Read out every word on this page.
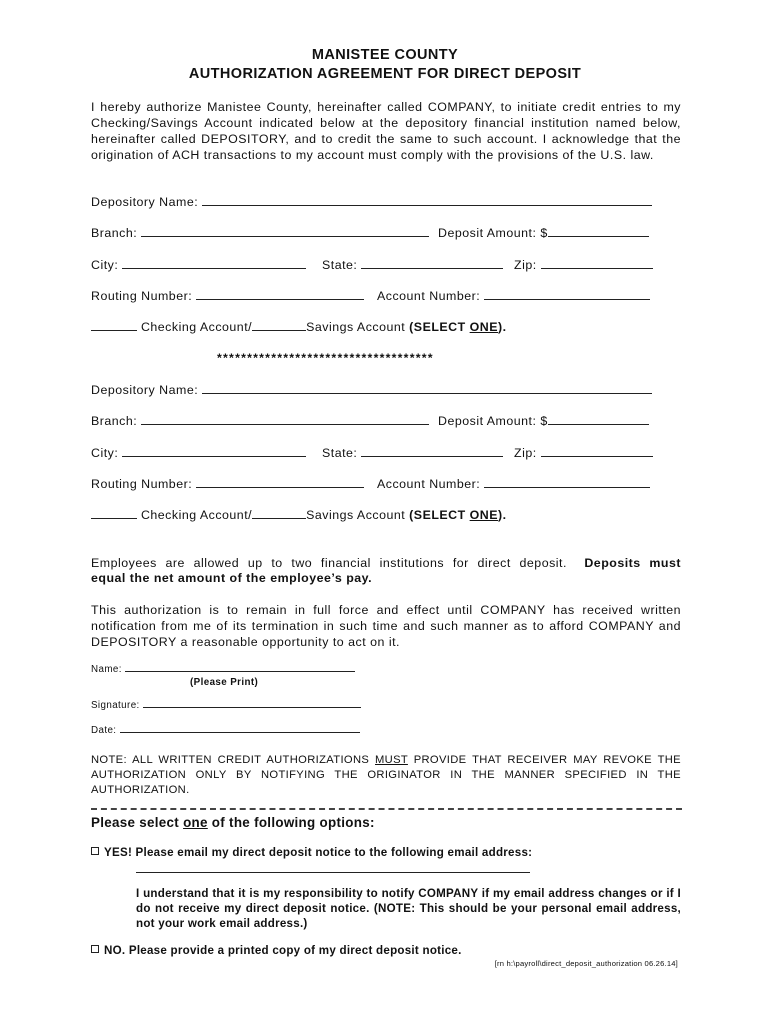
MANISTEE COUNTY
AUTHORIZATION AGREEMENT FOR DIRECT DEPOSIT
I hereby authorize Manistee County, hereinafter called COMPANY, to initiate credit entries to my Checking/Savings Account indicated below at the depository financial institution named below, hereinafter called DEPOSITORY, and to credit the same to such account. I acknowledge that the origination of ACH transactions to my account must comply with the provisions of the U.S. law.
Depository Name:
Branch:	Deposit Amount: $
City:	State:	Zip:
Routing Number:	Account Number:
Checking Account/	Savings Account (SELECT ONE).
************************************
Depository Name:
Branch:	Deposit Amount: $
City:	State:	Zip:
Routing Number:	Account Number:
Checking Account/	Savings Account (SELECT ONE).
Employees are allowed up to two financial institutions for direct deposit. Deposits must
equal the net amount of the employee’s pay.
This authorization is to remain in full force and effect until COMPANY has received written notification from me of its termination in such time and such manner as to afford COMPANY and DEPOSITORY a reasonable opportunity to act on it.
Name:
(Please Print)
Signature:
Date:
NOTE: ALL WRITTEN CREDIT AUTHORIZATIONS MUST PROVIDE THAT RECEIVER MAY REVOKE THE
AUTHORIZATION ONLY BY NOTIFYING THE ORIGINATOR IN THE MANNER SPECIFIED IN THE
AUTHORIZATION.
Please select one of the following options:
YES! Please email my direct deposit notice to the following email address:
I understand that it is my responsibility to notify COMPANY if my email address changes or if I do not receive my direct deposit notice. (NOTE: This should be your personal email address, not your work email address.)
NO. Please provide a printed copy of my direct deposit notice.
[rn h:\payroll\direct_deposit_authorization 06.26.14]
